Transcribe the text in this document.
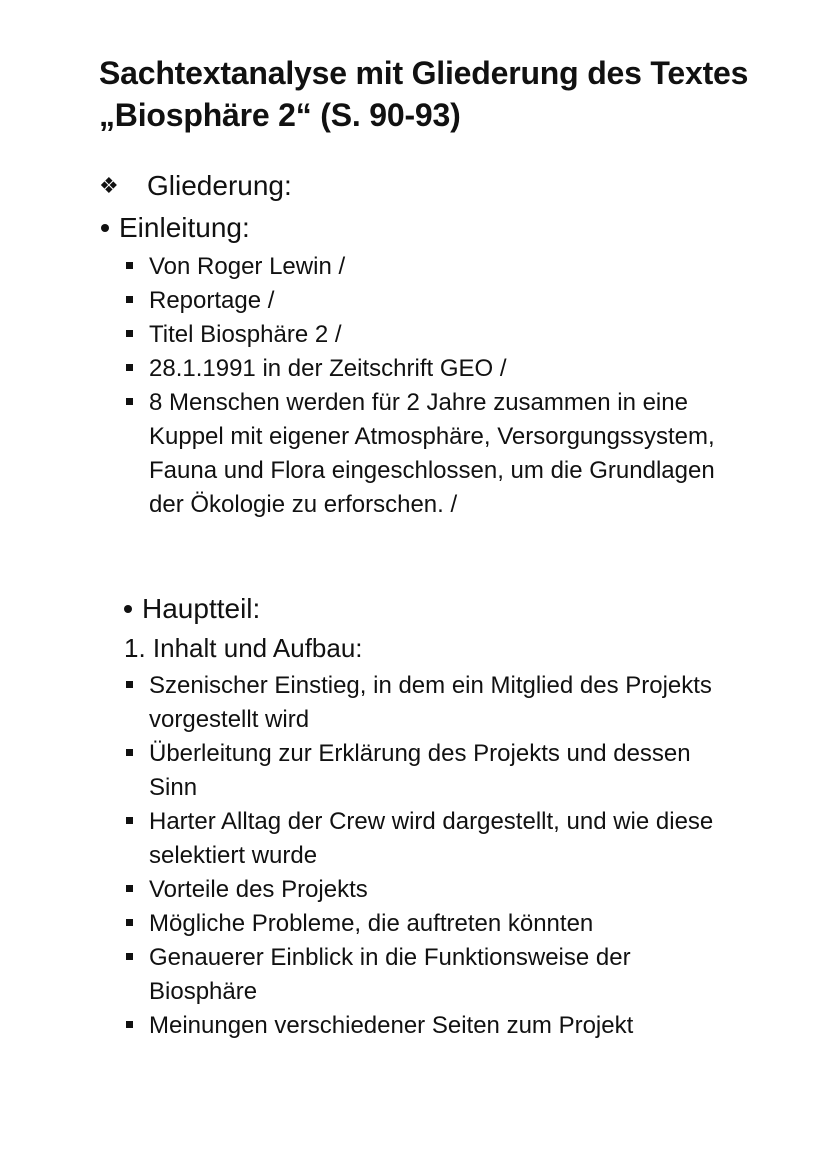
Sachtextanalyse mit Gliederung des Textes „Biosphäre 2“ (S. 90-93)
❖	Gliederung:
Einleitung:
Von Roger Lewin /
Reportage /
Titel Biosphäre 2 /
28.1.1991 in der Zeitschrift GEO /
8 Menschen werden für 2 Jahre zusammen in eine Kuppel mit eigener Atmosphäre, Versorgungssystem, Fauna und Flora eingeschlossen, um die Grundlagen der Ökologie zu erforschen. /
Hauptteil:
1. Inhalt und Aufbau:
Szenischer Einstieg, in dem ein Mitglied des Projekts vorgestellt wird
Überleitung zur Erklärung des Projekts und dessen Sinn
Harter Alltag der Crew wird dargestellt, und wie diese selektiert wurde
Vorteile des Projekts
Mögliche Probleme, die auftreten könnten
Genauerer Einblick in die Funktionsweise der Biosphäre
Meinungen verschiedener Seiten zum Projekt
